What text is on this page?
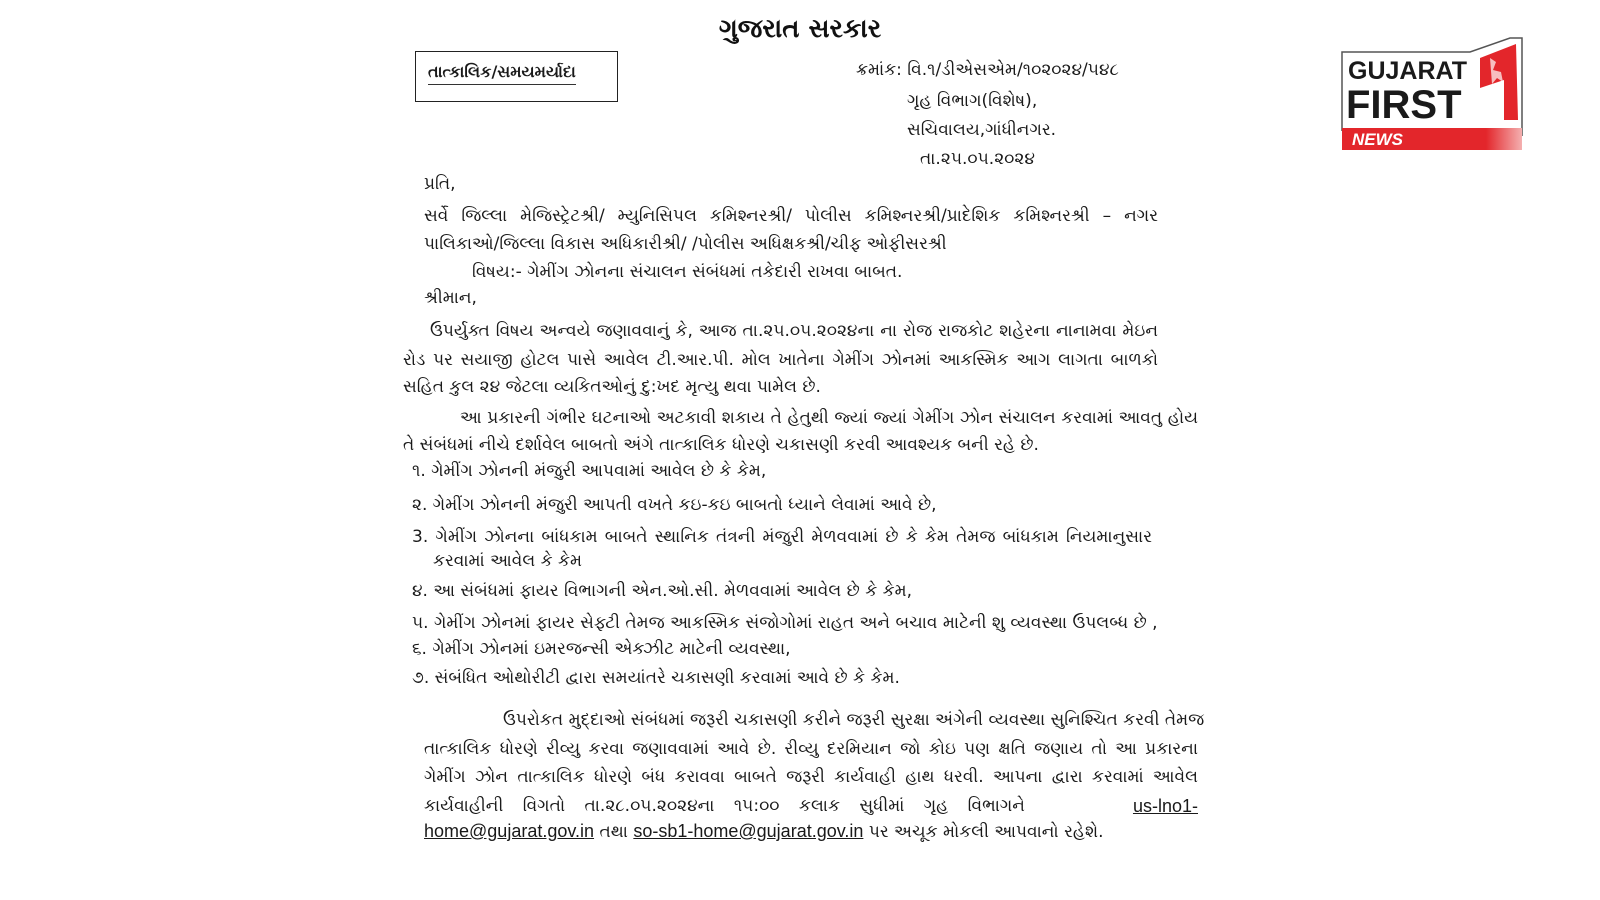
ગુજરાત સરકાર
તાત્કાલિક/સમયમર્યાદા	ક્રમાંક: વિ.૧/ડીએસએમ/૧૦૨૦૨૪/૫૪૮
ગૃહ વિભાગ(વિશેષ),
સચિવાલય,ગાંધીનગર.
તા.૨૫.૦૫.૨૦૨૪
પ્રતિ,
સર્વે જિલ્લા મેજિસ્ટ્રેટશ્રી/ મ્યુનિસિપલ કમિશ્નરશ્રી/ પોલીસ કમિશ્નરશ્રી/પ્રાદેશિક કમિશ્નરશ્રી – નગર
પાલિકાઓ/જિલ્લા વિકાસ અધિકારીશ્રી/ /પોલીસ અધિક્ષકશ્રી/ચીફ ઓફીસરશ્રી
વિષય:- ગેમીંગ ઝોનના સંચાલન સંબંધમાં તકેદારી રાખવા બાબત.
શ્રીમાન,
ઉપર્યુક્ત વિષય અન્વયે જણાવવાનું કે, આજ તા.૨૫.૦૫.૨૦૨૪ના ના રોજ રાજકોટ શહેરના નાનામવા મેઇન
રોડ પર સયાજી હોટલ પાસે આવેલ ટી.આર.પી. મોલ ખાતેના ગેમીંગ ઝોનમાં આકસ્મિક આગ લાગતા બાળકો
સહિત કુલ ૨૪ જેટલા વ્યકિતઓનું દુ:ખદ મૃત્યુ થવા પામેલ છે.
આ પ્રકારની ગંભીર ઘટનાઓ અટકાવી શકાય તે હેતુથી જ્યાં જ્યાં ગેમીંગ ઝોન સંચાલન કરવામાં આવતુ હોય
તે સંબંધમાં નીચે દર્શાવેલ બાબતો અંગે તાત્કાલિક ધોરણે ચકાસણી કરવી આવશ્યક બની રહે છે.
૧. ગેમીંગ ઝોનની મંજુરી આપવામાં આવેલ છે કે કેમ,
૨. ગેમીંગ ઝોનની મંજુરી આપતી વખતે કઇ-કઇ બાબતો ધ્યાને લેવામાં આવે છે,
3. ગેમીંગ ઝોનના બાંધકામ બાબતે સ્થાનિક તંત્રની મંજુરી મેળવવામાં છે કે કેમ તેમજ બાંધકામ નિયમાનુસાર
કરવામાં આવેલ કે કેમ
૪. આ સંબંધમાં ફાયર વિભાગની એન.ઓ.સી. મેળવવામાં આવેલ છે કે કેમ,
૫. ગેમીંગ ઝોનમાં ફાયર સેફ્ટી તેમજ આકસ્મિક સંજોગોમાં રાહત અને બચાવ માટેની શુ વ્યવસ્થા ઉપલબ્ધ છે ,
૬. ગેમીંગ ઝોનમાં ઇમરજન્સી એક્ઝીટ માટેની વ્યવસ્થા,
૭. સંબંધિત ઓથોરીટી દ્વારા સમયાંતરે ચકાસણી કરવામાં આવે છે કે કેમ.
ઉપરોકત મુદ્દાઓ સંબંધમાં જરૂરી ચકાસણી કરીને જરૂરી સુરક્ષા અંગેની વ્યવસ્થા સુનિશ્ચિત કરવી તેમજ
તાત્કાલિક ધોરણે રીવ્યુ કરવા જણાવવામાં આવે છે. રીવ્યુ દરમિયાન જો કોઇ પણ ક્ષતિ જણાય તો આ પ્રકારના
ગેમીંગ ઝોન તાત્કાલિક ધોરણે બંધ કરાવવા બાબતે જરૂરી કાર્યવાહી હાથ ધરવી. આપના દ્વારા કરવામાં આવેલ
કાર્યવાહીની વિગતો તા.૨૮.૦૫.૨૦૨૪ના ૧૫:૦૦ કલાક સુધીમાં ગૃહ વિભાગને	us-lno1-
home@gujarat.gov.in તથા so-sb1-home@gujarat.gov.in પર અચૂક મોકલી આપવાનો રહેશે.
GUJARAT
FIRST
NEWS
